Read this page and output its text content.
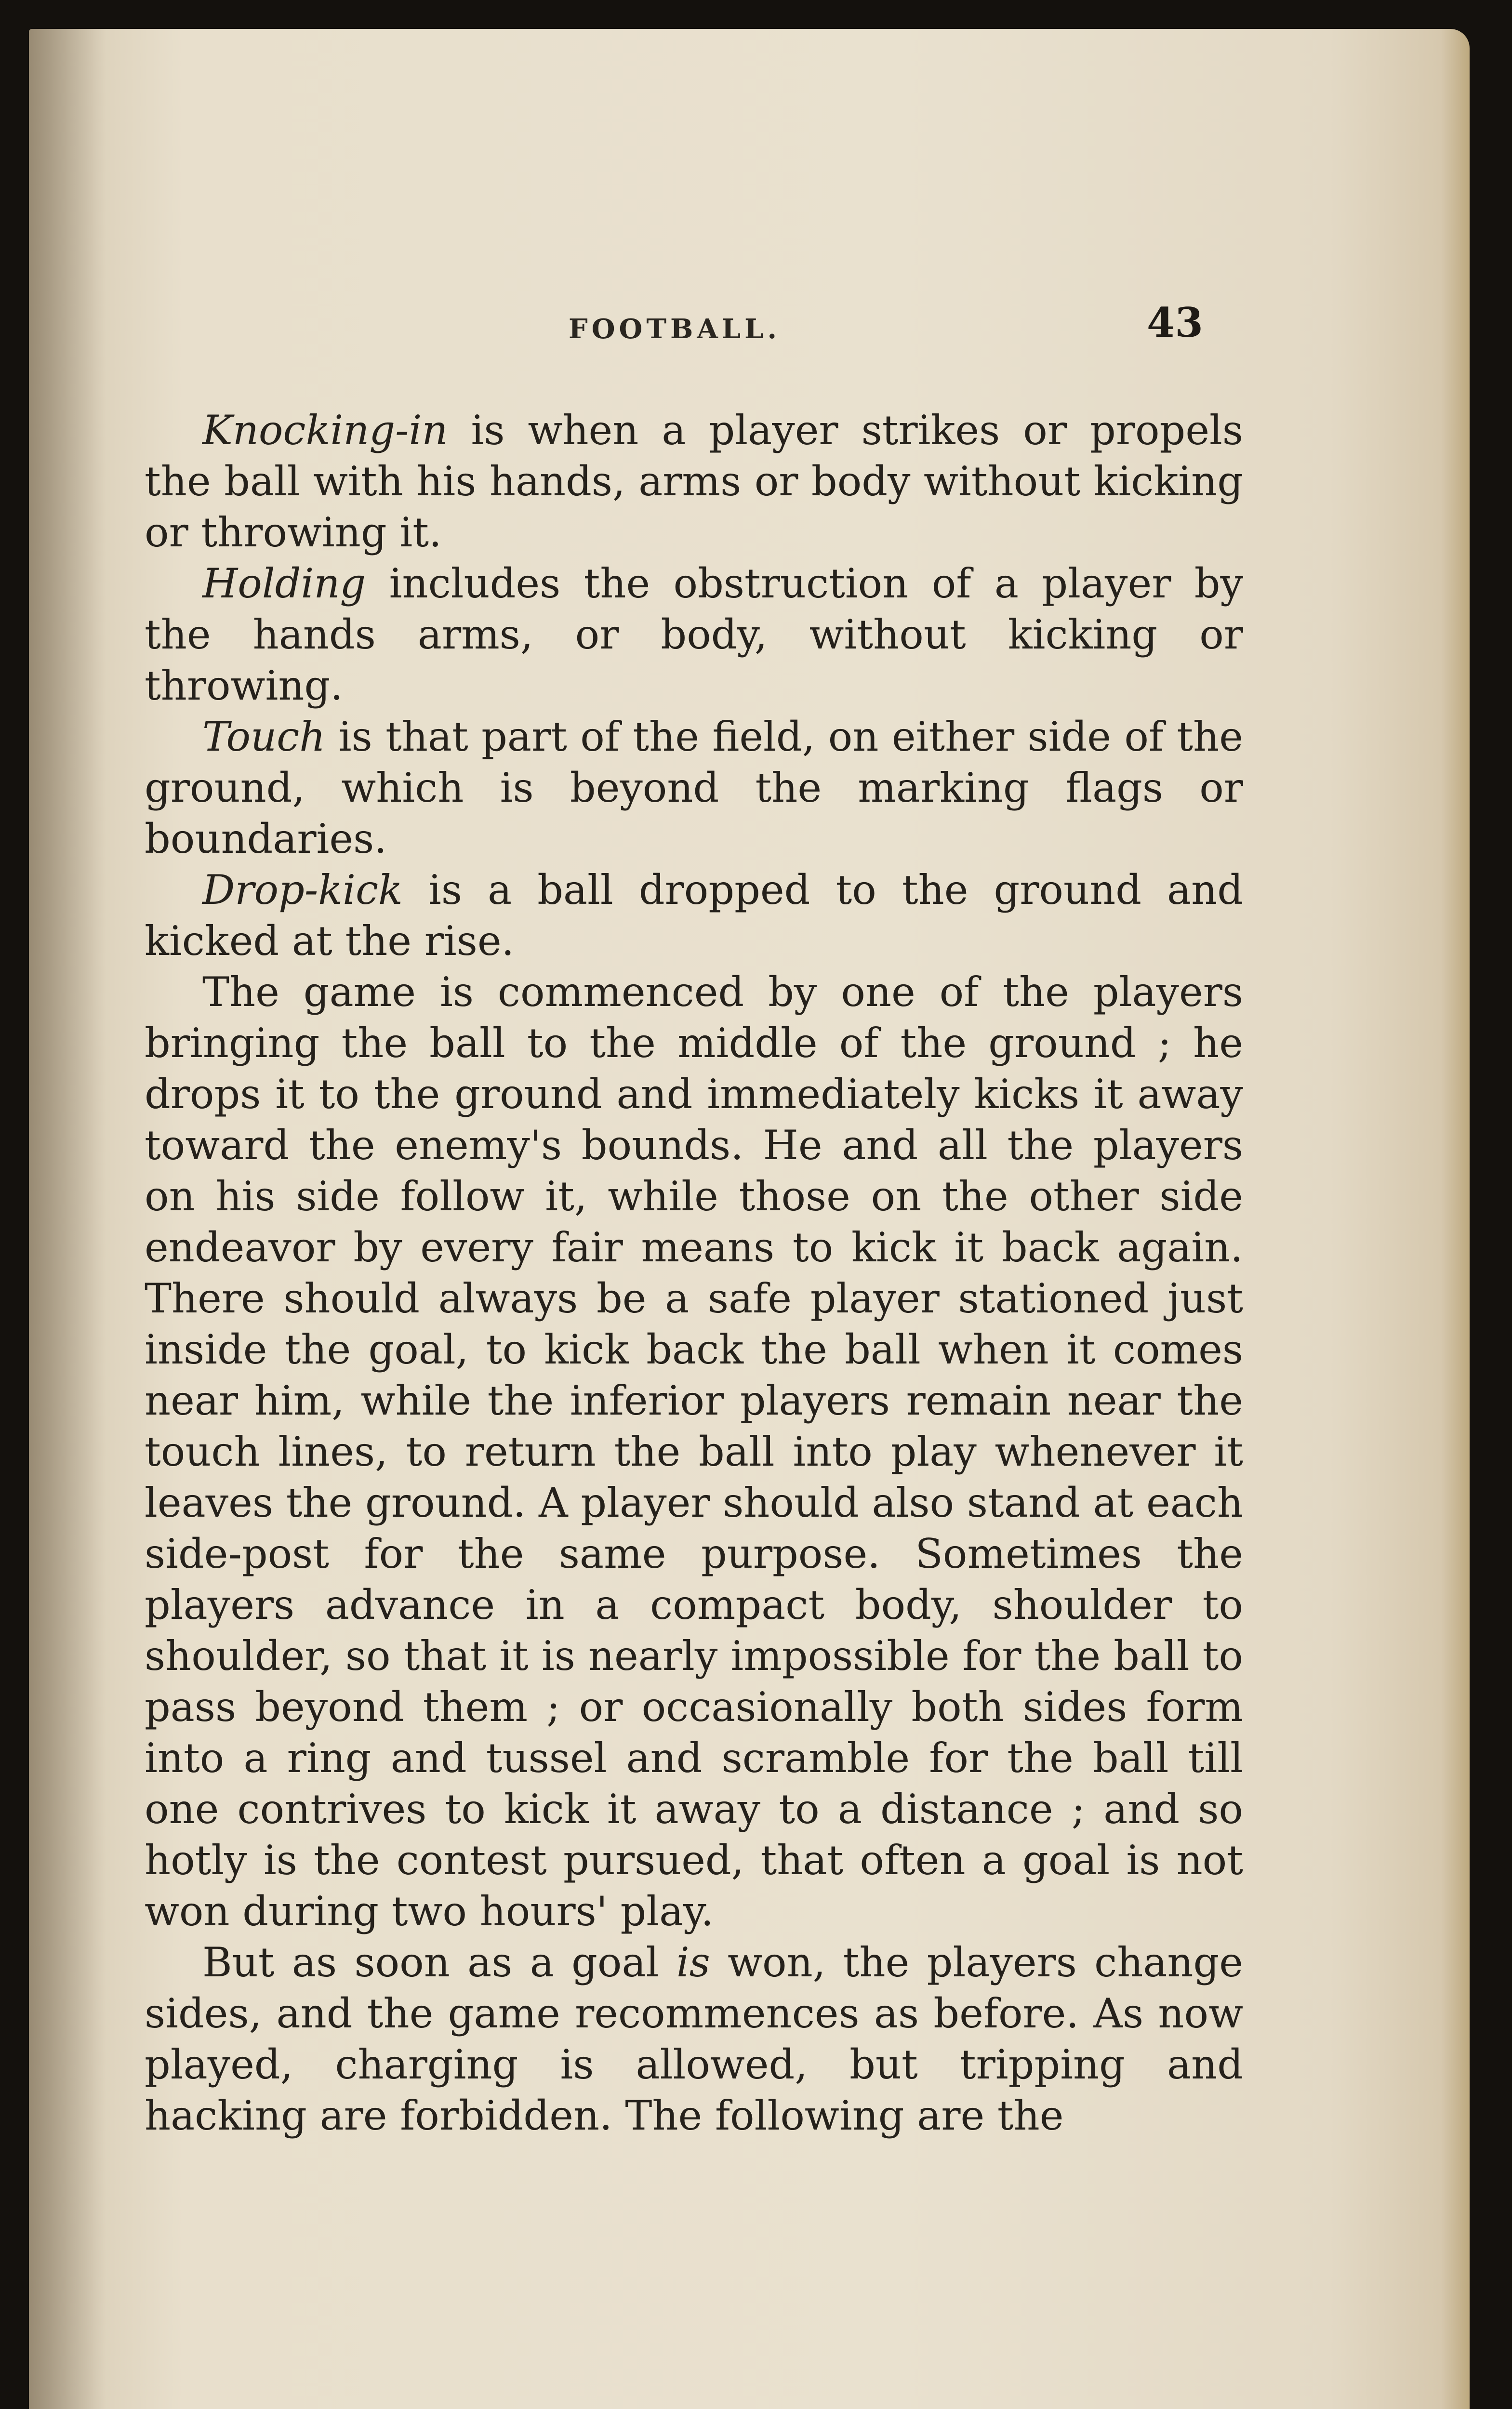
FOOTBALL.	43

Knocking-in is when a player strikes or propels the ball with his hands, arms or body without kicking or throwing it.

Holding includes the obstruction of a player by the hands arms, or body, without kicking or throwing.

Touch is that part of the field, on either side of the ground, which is beyond the marking flags or boundaries.

Drop-kick is a ball dropped to the ground and kicked at the rise.

The game is commenced by one of the players bringing the ball to the middle of the ground ; he drops it to the ground and immediately kicks it away toward the enemy's bounds. He and all the players on his side follow it, while those on the other side endeavor by every fair means to kick it back again. There should always be a safe player stationed just inside the goal, to kick back the ball when it comes near him, while the inferior players remain near the touch lines, to return the ball into play whenever it leaves the ground. A player should also stand at each side-post for the same purpose. Sometimes the players advance in a compact body, shoulder to shoulder, so that it is nearly impossible for the ball to pass beyond them ; or occasionally both sides form into a ring and tussel and scramble for the ball till one contrives to kick it away to a distance ; and so hotly is the contest pursued, that often a goal is not won during two hours' play.

But as soon as a goal is won, the players change sides, and the game recommences as before. As now played, charging is allowed, but tripping and hacking are forbidden. The following are the
